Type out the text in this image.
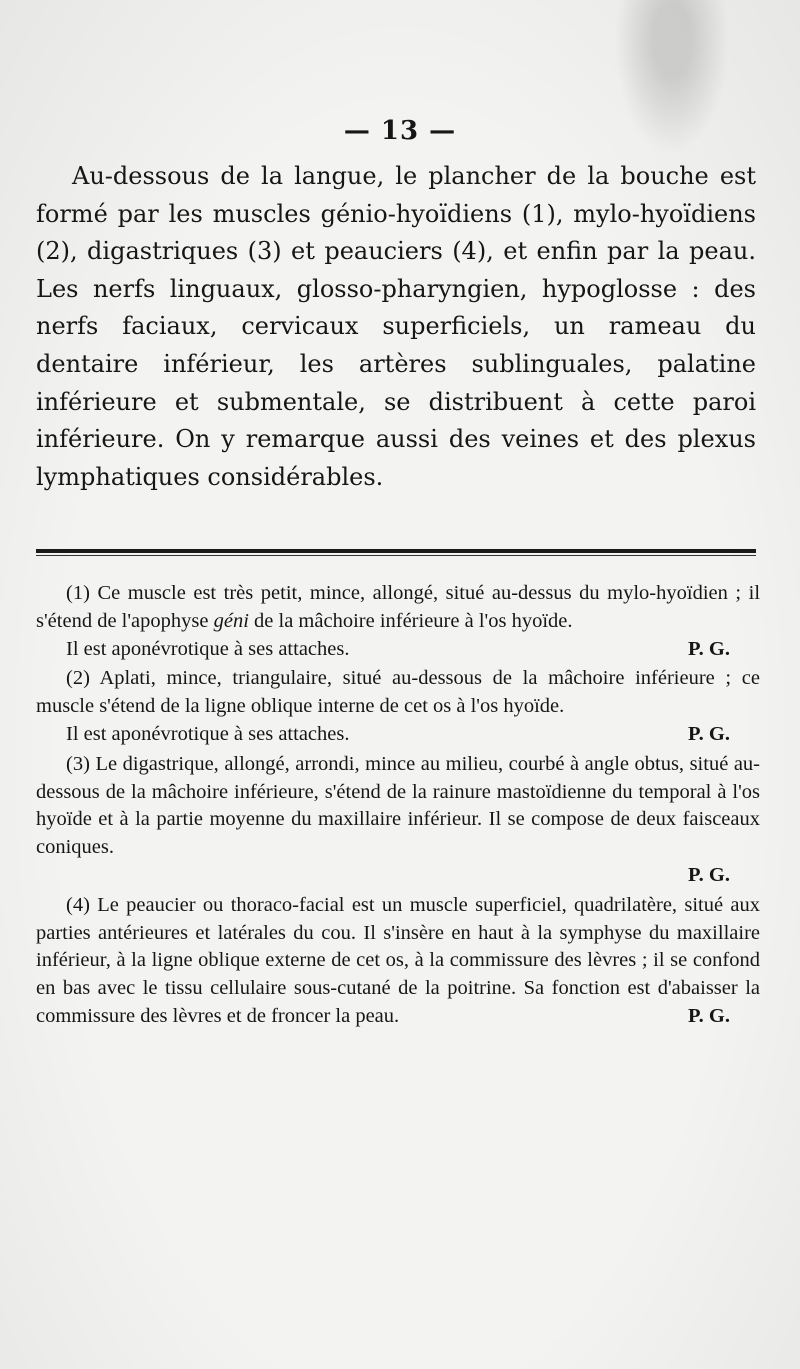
— 13 —

Au-dessous de la langue, le plancher de la bouche est formé par les muscles génio-hyoïdiens (1), mylo-hyoïdiens (2), digastriques (3) et peauciers (4), et enfin par la peau. Les nerfs linguaux, glosso-pharyngien, hypoglosse : des nerfs faciaux, cervicaux superficiels, un rameau du dentaire inférieur, les artères sublinguales, palatine inférieure et submentale, se distribuent à cette paroi inférieure. On y remarque aussi des veines et des plexus lymphatiques considérables.

(1) Ce muscle est très petit, mince, allongé, situé au-dessus du mylo-hyoïdien ; il s'étend de l'apophyse géni de la mâchoire inférieure à l'os hyoïde.

Il est aponévrotique à ses attaches.	P. G.

(2) Aplati, mince, triangulaire, situé au-dessous de la mâchoire inférieure ; ce muscle s'étend de la ligne oblique interne de cet os à l'os hyoïde.

Il est aponévrotique à ses attaches.	P. G.

(3) Le digastrique, allongé, arrondi, mince au milieu, courbé à angle obtus, situé au-dessous de la mâchoire inférieure, s'étend de la rainure mastoïdienne du temporal à l'os hyoïde et à la partie moyenne du maxillaire inférieur. Il se compose de deux faisceaux coniques.

P. G.

(4) Le peaucier ou thoraco-facial est un muscle superficiel, quadrilatère, situé aux parties antérieures et latérales du cou. Il s'insère en haut à la symphyse du maxillaire inférieur, à la ligne oblique externe de cet os, à la commissure des lèvres ; il se confond en bas avec le tissu cellulaire sous-cutané de la poitrine. Sa fonction est d'abaisser la commissure des lèvres et de froncer la peau.	P. G.
